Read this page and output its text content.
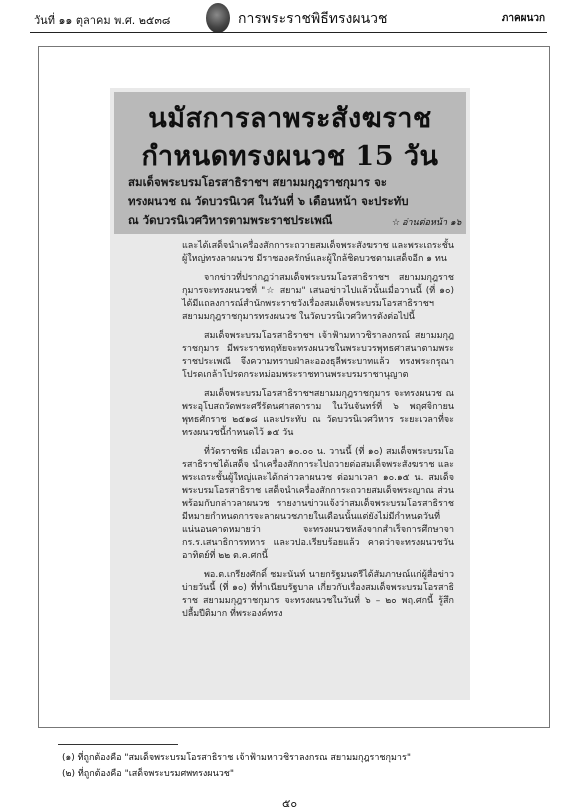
วันที่ ๑๑ ตุลาคม พ.ศ. ๒๕๓๘	การพระราชพิธีทรงผนวช	ภาคผนวก
นมัสการลาพระสังฆราช
กำหนดทรงผนวช 15 วัน
สมเด็จพระบรมโอรสาธิราชฯ สยามมกุฎราชกุมาร จะ
ทรงผนวช ณ วัดบวรนิเวศ ในวันที่ ๖ เดือนหน้า จะประทับ
ณ วัดบวรนิเวศวิหารตามพระราชประเพณี	☆ อ่านต่อหน้า ๑๖

และได้เสด็จนำเครื่องสักการะถวายสมเด็จพระสังฆราช และพระเถระชั้นผู้ใหญ่ทรงลาผนวช มีราชองครักษ์และผู้ใกล้ชิดบวชตามเสด็จอีก ๑ ทน

จากข่าวที่ปรากฏว่าสมเด็จพระบรมโอรสาธิราชฯ สยามมกุฎราชกุมารจะทรงผนวชที่ "☆ สยาม" เสนอข่าวไปแล้วนั้นเมื่อวานนี้ (ที่ ๑๐) ได้มีแถลงการณ์สำนักพระราชวังเรื่องสมเด็จพระบรมโอรสาธิราชฯสยามมกุฎราชกุมารทรงผนวช ในวัดบวรนิเวศวิหารดังต่อไปนี้

สมเด็จพระบรมโอรสาธิราชฯ เจ้าฟ้ามหาวชิราลงกรณ์ สยามมกุฎราชกุมาร มีพระราชหฤทัยจะทรงผนวชในพระบวรพุทธศาสนาตามพระราชประเพณี จึงความทราบฝ่าละอองธุลีพระบาทแล้ว ทรงพระกรุณาโปรดเกล้าโปรดกระหม่อมพระราชทานพระบรมราชานุญาต

สมเด็จพระบรมโอรสาธิราชฯสยามมกุฎราชกุมาร จะทรงผนวช ณ พระอุโบสถวัดพระศรีรัตนศาสดาราม ในวันจันทร์ที่ ๖ พฤศจิกายน พุทธศักราช ๒๕๑๘ และประทับ ณ วัดบวรนิเวศวิหาร ระยะเวลาที่จะทรงผนวชนี้กำหนดไว้ ๑๕ วัน

ที่วัดราชพิธ เมื่อเวลา ๑๐.๐๐ น. วานนี้ (ที่ ๑๐) สมเด็จพระบรมโอรสาธิราชได้เสด็จ นำเครื่องสักการะไปถวายต่อสมเด็จพระสังฆราช และพระเถระชั้นผู้ใหญ่และได้กล่าวลาผนวช ต่อมาเวลา ๑๐.๑๕ น. สมเด็จพระบรมโอรสาธิราช เสด็จนำเครื่องสักการะถวายสมเด็จพระญาณ ส่วนพร้อมกับกล่าวลาผนวช รายงานข่าวแจ้งว่าสมเด็จพระบรมโอรสาธิราชมีหมายกำหนดการจะลาผนวชภายในเดือนนั้นแต่ยังไม่มีกำหนดวันที่แน่นอนคาดหมายว่า จะทรงผนวชหลังจากสำเร็จการศึกษาจากร.ร.เสนาธิการทหาร และวปอ.เรียบร้อยแล้ว คาดว่าจะทรงผนวชวันอาทิตย์ที่ ๒๒ ต.ค.ศกนี้

พอ.ต.เกรียงศักดิ์ ชมะนันท์ นายกรัฐมนตรีได้สัมภาษณ์แก่ผู้สื่อข่าวบ่ายวันนี้ (ที่ ๑๐) ที่ทำเนียบรัฐบาล เกี่ยวกับเรื่องสมเด็จพระบรมโอรสาธิราช สยามมกุฎราชกุมาร จะทรงผนวชในวันที่ ๖ – ๒๐ พฤ.ศกนี้ รู้สึกปลื้มปีติมาก ที่พระองค์ทรง

(๑) ที่ถูกต้องคือ "สมเด็จพระบรมโอรสาธิราช เจ้าฟ้ามหาวชิราลงกรณ สยามมกุฎราชกุมาร"
(๒) ที่ถูกต้องคือ "เสด็จพระบรมศพทรงผนวช"
๕๐
